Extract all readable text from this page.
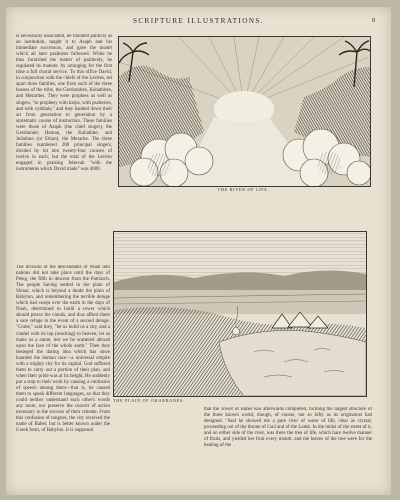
SCRIPTURE ILLUSTRATIONS.	9

is necessarily associated, he founded publicly as an institution, taught it to Asaph and his immediate successors, and gave the model which all later psalmists followed. While he thus furnished the matter of psalmody, he regulated its manner, by arranging for the first time a full choral service. To this office David, in conjunction with the chiefs of the Levites, set apart three families, one from each of the three houses of the tribe, the Gershonites, Kohathites, and Merarites. They were prophets as well as singers, "to prophesy with harps, with psalteries, and with cymbals;" and they handed down their art from generation to generation by a systematic course of instruction. These families were those of Asaph (the chief singer), the Gershonite; Heman, the Kohathite; and Jeduthun (or Ethan), the Merarite. The three families numbered 288 principal singers, divided by lot into twenty-four courses of twelve in each; but the total of the Levites engaged in praising Jehovah "with the instruments which David made" was 4000.

THE RIVER OF LIFE.
THE PLAIN OF OKARRANES.

The division of the descendants of Noah into nations did not take place until the days of Peleg, the fifth in descent from the Patriarch. The people having settled in the plain of Shinar, which is beyond a doubt the plain of Babylon, and remembering the terrible deluge which had swept over the earth in the days of Noah, determined to build a tower which should pierce the clouds, and thus afford them a sure refuge in the event of a second deluge. "Come," said they, "let us build us a city, and a citadel with its top (reaching) to heaven; let us make us a name, lest we be scattered abroad upon the face of the whole earth." Then they besieged the daring idea which has since haunted the human race—a universal empire with a mighty city for its capital. God suffered them to carry out a portion of their plan, and when their pride was at its height, He suddenly put a stop to their work by causing a confusion of speech among them—that is, he caused them to speak different languages, so that they could neither understand each other's words any more, nor preserve the concert of action necessary to the success of their scheme. From this confusion of tongues, the city received the name of Babel, but is better known under the Greek form, of Babylon. It is supposed

that the Tower of Babel was afterwards completed, forming the largest structure of the three known world, though, of course, not so lofty as its originators had designed. "And he showed me a pure river of water of life, clear as crystal, proceeding out of the throne of God and of the Lamb. In the midst of the street of it, and on either side of the river, was there the tree of life, which bare twelve manner of fruits, and yielded her fruit every month; and the leaves of the tree were for the healing of the
